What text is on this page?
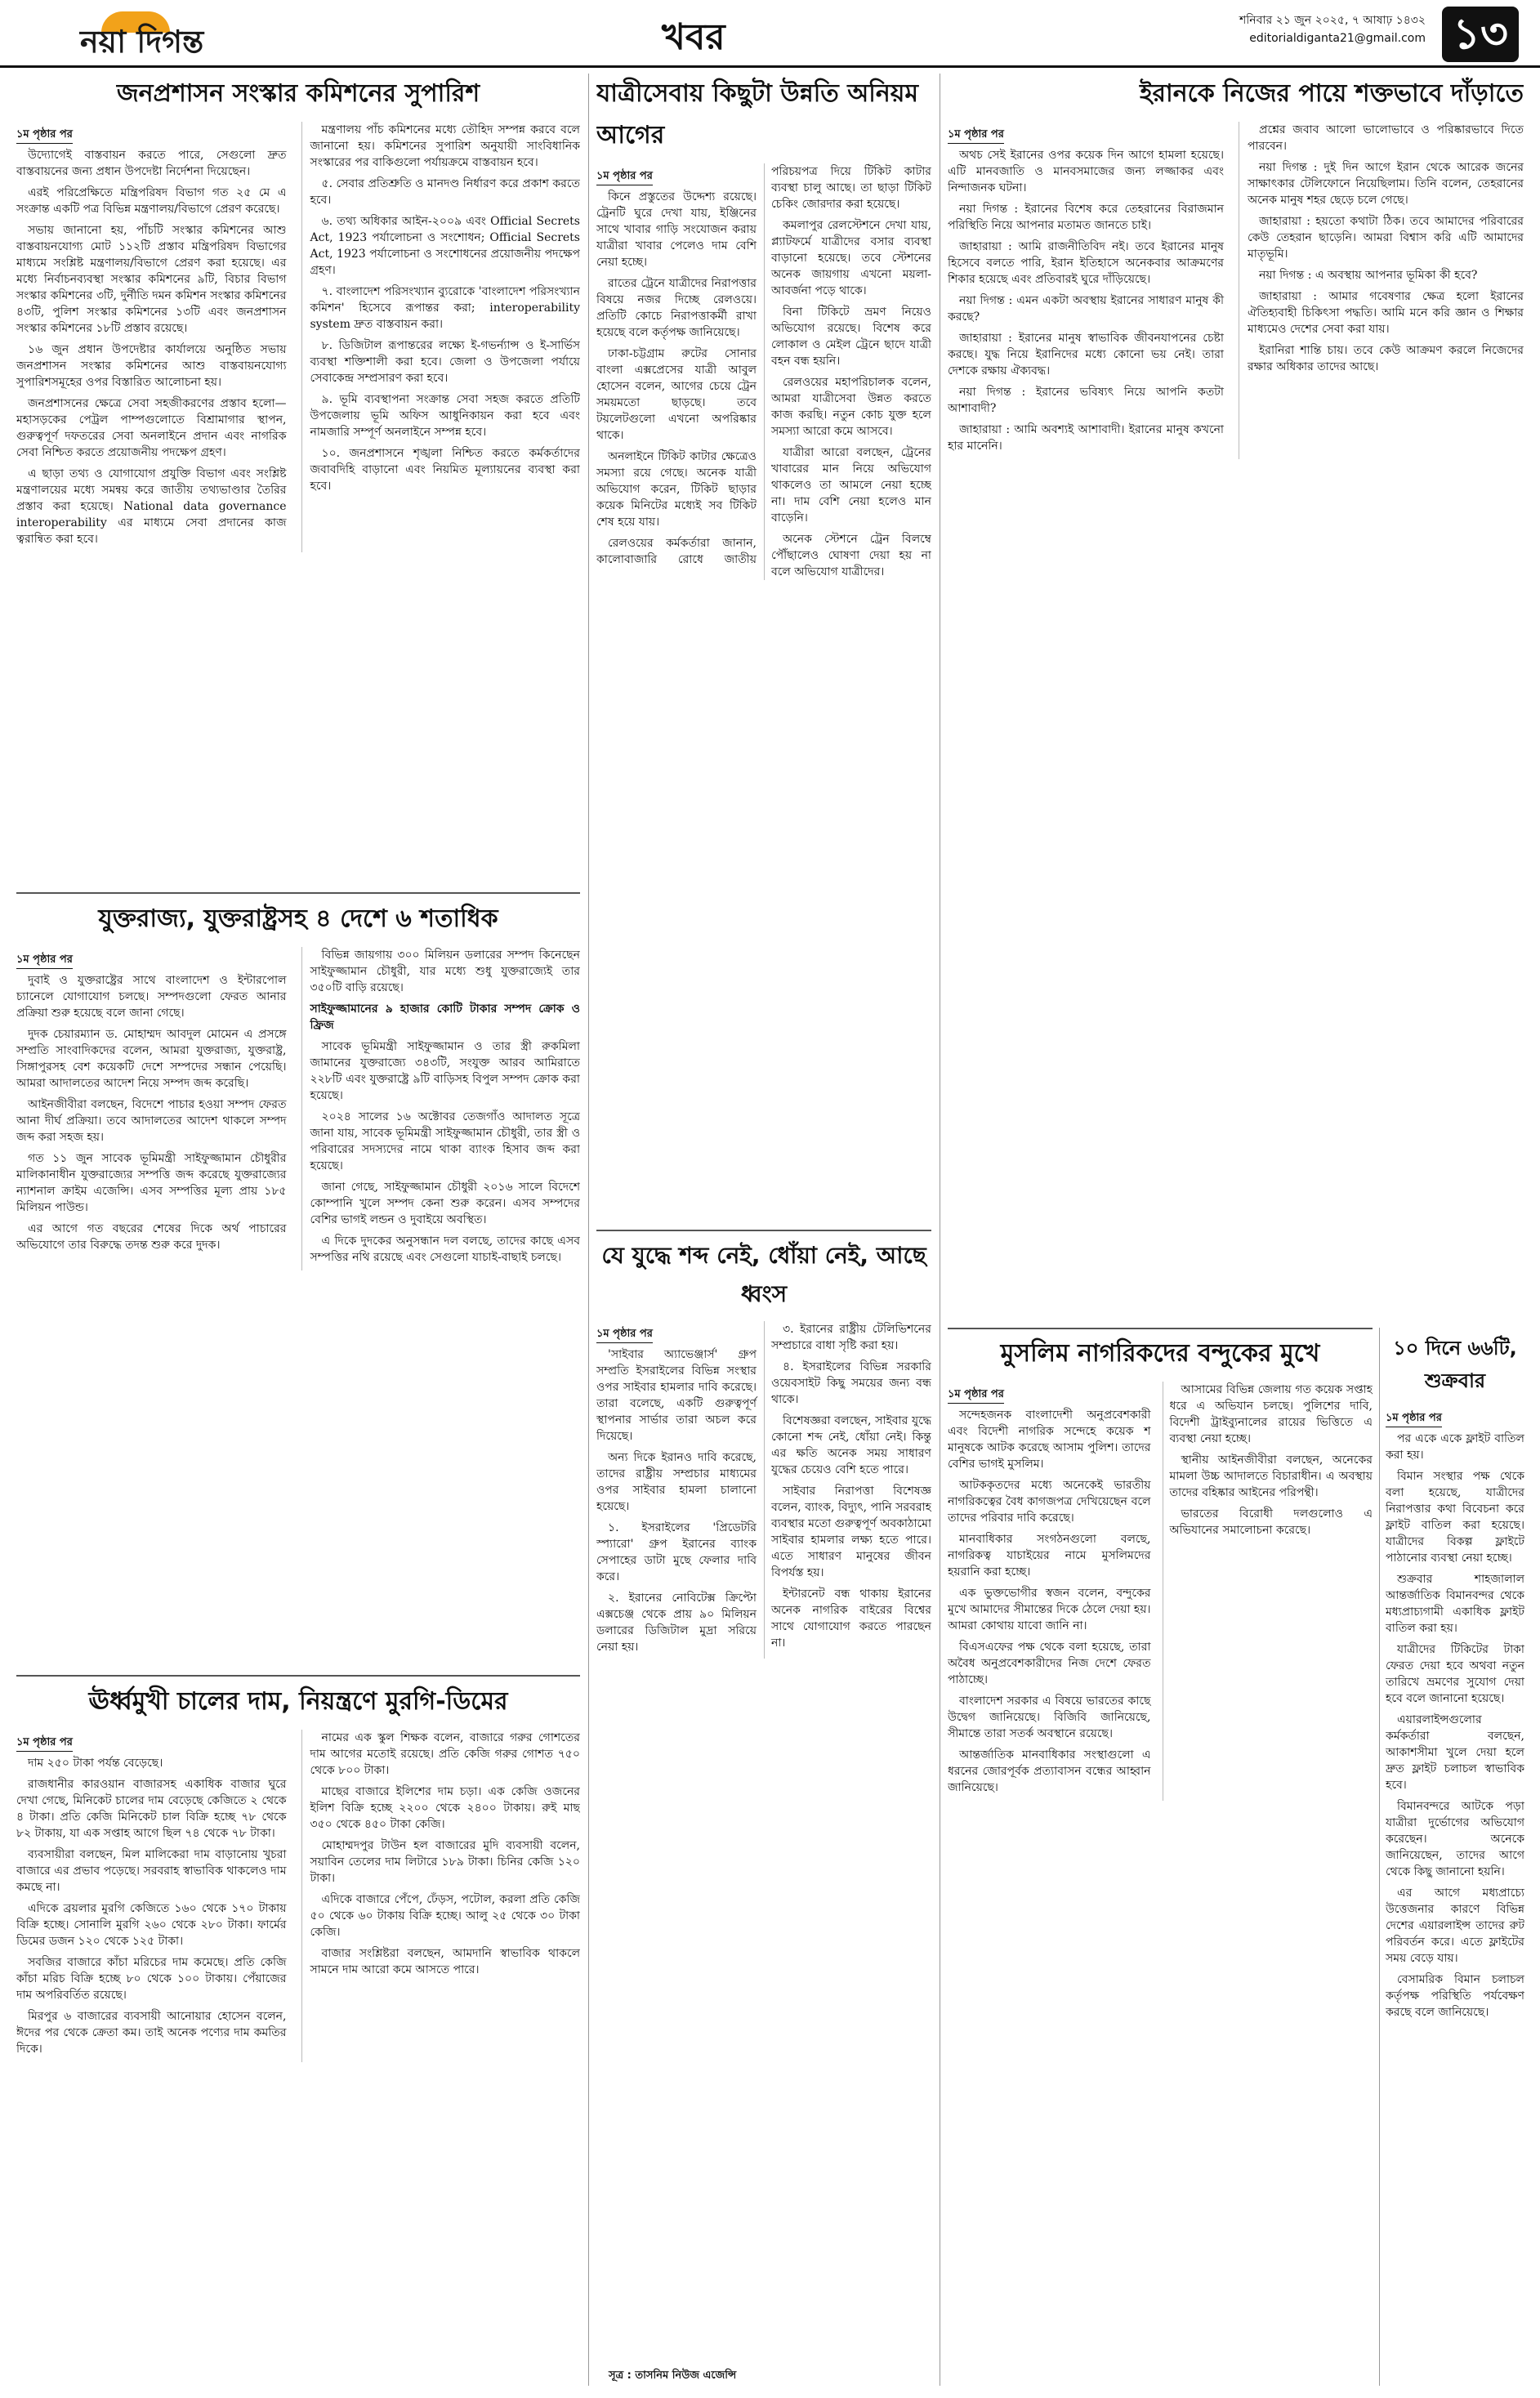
নয়া দিগন্ত	খবর	শনিবার ২১ জুন ২০২৫, ৭ আষাঢ় ১৪৩২
editorialdiganta21@gmail.com ১৩
জনপ্রশাসন সংস্কার কমিশনের সুপারিশ
১ম পৃষ্ঠার পর

উদ্যোগেই বাস্তবায়ন করতে পারে, সেগুলো দ্রুত বাস্তবায়নের জন্য প্রধান উপদেষ্টা নির্দেশনা দিয়েছেন।

এরই পরিপ্রেক্ষিতে মন্ত্রিপরিষদ বিভাগ গত ২৫ মে এ সংক্রান্ত একটি পত্র বিভিন্ন মন্ত্রণালয়/বিভাগে প্রেরণ করেছে।

সভায় জানানো হয়, পাঁচটি সংস্কার কমিশনের আশু বাস্তবায়নযোগ্য মোট ১১২টি প্রস্তাব মন্ত্রিপরিষদ বিভাগের মাধ্যমে সংশ্লিষ্ট মন্ত্রণালয়/বিভাগে প্রেরণ করা হয়েছে। এর মধ্যে নির্বাচনব্যবস্থা সংস্কার কমিশনের ৯টি, বিচার বিভাগ সংস্কার কমিশনের ৩টি, দুর্নীতি দমন কমিশন সংস্কার কমিশনের ৪৩টি, পুলিশ সংস্কার কমিশনের ১৩টি এবং জনপ্রশাসন সংস্কার কমিশনের ১৮টি প্রস্তাব রয়েছে।

১৬ জুন প্রধান উপদেষ্টার কার্যালয়ে অনুষ্ঠিত সভায় জনপ্রশাসন সংস্কার কমিশনের আশু বাস্তবায়নযোগ্য সুপারিশসমূহের ওপর বিস্তারিত আলোচনা হয়।

জনপ্রশাসনের ক্ষেত্রে সেবা সহজীকরণের প্রস্তাব হলো— মহাসড়কের পেট্রল পাম্পগুলোতে বিশ্রামাগার স্থাপন, গুরুত্বপূর্ণ দফতরের সেবা অনলাইনে প্রদান এবং নাগরিক সেবা নিশ্চিত করতে প্রয়োজনীয় পদক্ষেপ গ্রহণ।

এ ছাড়া তথ্য ও যোগাযোগ প্রযুক্তি বিভাগ এবং সংশ্লিষ্ট মন্ত্রণালয়ের মধ্যে সমন্বয় করে জাতীয় তথ্যভাণ্ডার তৈরির প্রস্তাব করা হয়েছে। National data governance interoperability এর মাধ্যমে সেবা প্রদানের কাজ ত্বরান্বিত করা হবে।

মন্ত্রণালয় পাঁচ কমিশনের মধ্যে তৌহিদ সম্পন্ন করবে বলে জানানো হয়। কমিশনের সুপারিশ অনুযায়ী সাংবিধানিক সংস্কারের পর বাকিগুলো পর্যায়ক্রমে বাস্তবায়ন হবে।

৫. সেবার প্রতিশ্রুতি ও মানদণ্ড নির্ধারণ করে প্রকাশ করতে হবে।

৬. তথ্য অধিকার আইন-২০০৯ এবং Official Secrets Act, 1923 পর্যালোচনা ও সংশোধন; Official Secrets Act, 1923 পর্যালোচনা ও সংশোধনের প্রয়োজনীয় পদক্ষেপ গ্রহণ।

৭. বাংলাদেশ পরিসংখ্যান ব্যুরোকে 'বাংলাদেশ পরিসংখ্যান কমিশন' হিসেবে রূপান্তর করা; interoperability system দ্রুত বাস্তবায়ন করা।

৮. ডিজিটাল রূপান্তরের লক্ষ্যে ই-গভর্ন্যান্স ও ই-সার্ভিস ব্যবস্থা শক্তিশালী করা হবে। জেলা ও উপজেলা পর্যায়ে সেবাকেন্দ্র সম্প্রসারণ করা হবে।

৯. ভূমি ব্যবস্থাপনা সংক্রান্ত সেবা সহজ করতে প্রতিটি উপজেলায় ভূমি অফিস আধুনিকায়ন করা হবে এবং নামজারি সম্পূর্ণ অনলাইনে সম্পন্ন হবে।

১০. জনপ্রশাসনে শৃঙ্খলা নিশ্চিত করতে কর্মকর্তাদের জবাবদিহি বাড়ানো এবং নিয়মিত মূল্যায়নের ব্যবস্থা করা হবে।

যুক্তরাজ্য, যুক্তরাষ্ট্রসহ ৪ দেশে ৬ শতাধিক
১ম পৃষ্ঠার পর

দুবাই ও যুক্তরাষ্ট্রের সাথে বাংলাদেশ ও ইন্টারপোল চ্যানেলে যোগাযোগ চলছে। সম্পদগুলো ফেরত আনার প্রক্রিয়া শুরু হয়েছে বলে জানা গেছে।

দুদক চেয়ারম্যান ড. মোহাম্মদ আবদুল মোমেন এ প্রসঙ্গে সম্প্রতি সাংবাদিকদের বলেন, আমরা যুক্তরাজ্য, যুক্তরাষ্ট্র, সিঙ্গাপুরসহ বেশ কয়েকটি দেশে সম্পদের সন্ধান পেয়েছি। আমরা আদালতের আদেশ নিয়ে সম্পদ জব্দ করেছি।

আইনজীবীরা বলছেন, বিদেশে পাচার হওয়া সম্পদ ফেরত আনা দীর্ঘ প্রক্রিয়া। তবে আদালতের আদেশ থাকলে সম্পদ জব্দ করা সহজ হয়।

গত ১১ জুন সাবেক ভূমিমন্ত্রী সাইফুজ্জামান চৌধুরীর মালিকানাধীন যুক্তরাজ্যের সম্পত্তি জব্দ করেছে যুক্তরাজ্যের ন্যাশনাল ক্রাইম এজেন্সি। এসব সম্পত্তির মূল্য প্রায় ১৮৫ মিলিয়ন পাউন্ড।

এর আগে গত বছরের শেষের দিকে অর্থ পাচারের অভিযোগে তার বিরুদ্ধে তদন্ত শুরু করে দুদক।

বিভিন্ন জায়গায় ৩০০ মিলিয়ন ডলারের সম্পদ কিনেছেন সাইফুজ্জামান চৌধুরী, যার মধ্যে শুধু যুক্তরাজ্যেই তার ৩৫০টি বাড়ি রয়েছে।

সাইফুজ্জামানের ৯ হাজার কোটি টাকার সম্পদ ক্রোক ও ফ্রিজ

সাবেক ভূমিমন্ত্রী সাইফুজ্জামান ও তার স্ত্রী রুকমিলা জামানের যুক্তরাজ্যে ৩৪৩টি, সংযুক্ত আরব আমিরাতে ২২৮টি এবং যুক্তরাষ্ট্রে ৯টি বাড়িসহ বিপুল সম্পদ ক্রোক করা হয়েছে।

২০২৪ সালের ১৬ অক্টোবর তেজগাঁও আদালত সূত্রে জানা যায়, সাবেক ভূমিমন্ত্রী সাইফুজ্জামান চৌধুরী, তার স্ত্রী ও পরিবারের সদস্যদের নামে থাকা ব্যাংক হিসাব জব্দ করা হয়েছে।

জানা গেছে, সাইফুজ্জামান চৌধুরী ২০১৬ সালে বিদেশে কোম্পানি খুলে সম্পদ কেনা শুরু করেন। এসব সম্পদের বেশির ভাগই লন্ডন ও দুবাইয়ে অবস্থিত।

এ দিকে দুদকের অনুসন্ধান দল বলছে, তাদের কাছে এসব সম্পত্তির নথি রয়েছে এবং সেগুলো যাচাই-বাছাই চলছে।

ঊর্ধ্বমুখী চালের দাম, নিয়ন্ত্রণে মুরগি-ডিমের
১ম পৃষ্ঠার পর

দাম ২৫০ টাকা পর্যন্ত বেড়েছে।

রাজধানীর কারওয়ান বাজারসহ একাধিক বাজার ঘুরে দেখা গেছে, মিনিকেট চালের দাম বেড়েছে কেজিতে ২ থেকে ৪ টাকা। প্রতি কেজি মিনিকেট চাল বিক্রি হচ্ছে ৭৮ থেকে ৮২ টাকায়, যা এক সপ্তাহ আগে ছিল ৭৪ থেকে ৭৮ টাকা।

ব্যবসায়ীরা বলছেন, মিল মালিকেরা দাম বাড়ানোয় খুচরা বাজারে এর প্রভাব পড়েছে। সরবরাহ স্বাভাবিক থাকলেও দাম কমছে না।

এদিকে ব্রয়লার মুরগি কেজিতে ১৬০ থেকে ১৭০ টাকায় বিক্রি হচ্ছে। সোনালি মুরগি ২৬০ থেকে ২৮০ টাকা। ফার্মের ডিমের ডজন ১২০ থেকে ১২৫ টাকা।

সবজির বাজারে কাঁচা মরিচের দাম কমেছে। প্রতি কেজি কাঁচা মরিচ বিক্রি হচ্ছে ৮০ থেকে ১০০ টাকায়। পেঁয়াজের দাম অপরিবর্তিত রয়েছে।

মিরপুর ৬ বাজারের ব্যবসায়ী আনোয়ার হোসেন বলেন, ঈদের পর থেকে ক্রেতা কম। তাই অনেক পণ্যের দাম কমতির দিকে।

নামের এক স্কুল শিক্ষক বলেন, বাজারে গরুর গোশতের দাম আগের মতোই রয়েছে। প্রতি কেজি গরুর গোশত ৭৫০ থেকে ৮০০ টাকা।

মাছের বাজারে ইলিশের দাম চড়া। এক কেজি ওজনের ইলিশ বিক্রি হচ্ছে ২২০০ থেকে ২৪০০ টাকায়। রুই মাছ ৩৫০ থেকে ৪৫০ টাকা কেজি।

মোহাম্মদপুর টাউন হল বাজারের মুদি ব্যবসায়ী বলেন, সয়াবিন তেলের দাম লিটারে ১৮৯ টাকা। চিনির কেজি ১২০ টাকা।

এদিকে বাজারে পেঁপে, ঢেঁড়স, পটোল, করলা প্রতি কেজি ৫০ থেকে ৬০ টাকায় বিক্রি হচ্ছে। আলু ২৫ থেকে ৩০ টাকা কেজি।

বাজার সংশ্লিষ্টরা বলছেন, আমদানি স্বাভাবিক থাকলে সামনে দাম আরো কমে আসতে পারে।

যাত্রীসেবায় কিছুটা উন্নতি অনিয়ম আগের
১ম পৃষ্ঠার পর

কিনে প্রস্তুতের উদ্দেশ্য রয়েছে। ট্রেনটি ঘুরে দেখা যায়, ইঞ্জিনের সাথে খাবার গাড়ি সংযোজন করায় যাত্রীরা খাবার পেলেও দাম বেশি নেয়া হচ্ছে।

রাতের ট্রেনে যাত্রীদের নিরাপত্তার বিষয়ে নজর দিচ্ছে রেলওয়ে। প্রতিটি কোচে নিরাপত্তাকর্মী রাখা হয়েছে বলে কর্তৃপক্ষ জানিয়েছে।

ঢাকা-চট্টগ্রাম রুটের সোনার বাংলা এক্সপ্রেসের যাত্রী আবুল হোসেন বলেন, আগের চেয়ে ট্রেন সময়মতো ছাড়ছে। তবে টয়লেটগুলো এখনো অপরিষ্কার থাকে।

অনলাইনে টিকিট কাটার ক্ষেত্রেও সমস্যা রয়ে গেছে। অনেক যাত্রী অভিযোগ করেন, টিকিট ছাড়ার কয়েক মিনিটের মধ্যেই সব টিকিট শেষ হয়ে যায়।

রেলওয়ের কর্মকর্তারা জানান, কালোবাজারি রোধে জাতীয় পরিচয়পত্র দিয়ে টিকিট কাটার ব্যবস্থা চালু আছে। তা ছাড়া টিকিট চেকিং জোরদার করা হয়েছে।

কমলাপুর রেলস্টেশনে দেখা যায়, প্ল্যাটফর্মে যাত্রীদের বসার ব্যবস্থা বাড়ানো হয়েছে। তবে স্টেশনের অনেক জায়গায় এখনো ময়লা-আবর্জনা পড়ে থাকে।

বিনা টিকিটে ভ্রমণ নিয়েও অভিযোগ রয়েছে। বিশেষ করে লোকাল ও মেইল ট্রেনে ছাদে যাত্রী বহন বন্ধ হয়নি।

রেলওয়ের মহাপরিচালক বলেন, আমরা যাত্রীসেবা উন্নত করতে কাজ করছি। নতুন কোচ যুক্ত হলে সমস্যা আরো কমে আসবে।

যাত্রীরা আরো বলছেন, ট্রেনের খাবারের মান নিয়ে অভিযোগ থাকলেও তা আমলে নেয়া হচ্ছে না। দাম বেশি নেয়া হলেও মান বাড়েনি।

অনেক স্টেশনে ট্রেন বিলম্বে পৌঁছালেও ঘোষণা দেয়া হয় না বলে অভিযোগ যাত্রীদের।

যে যুদ্ধে শব্দ নেই, ধোঁয়া নেই, আছে ধ্বংস
১ম পৃষ্ঠার পর

'সাইবার অ্যাভেঞ্জার্স' গ্রুপ সম্প্রতি ইসরাইলের বিভিন্ন সংস্থার ওপর সাইবার হামলার দাবি করেছে। তারা বলেছে, একটি গুরুত্বপূর্ণ স্থাপনার সার্ভার তারা অচল করে দিয়েছে।

অন্য দিকে ইরানও দাবি করেছে, তাদের রাষ্ট্রীয় সম্প্রচার মাধ্যমের ওপর সাইবার হামলা চালানো হয়েছে।

১. ইসরাইলের 'প্রিডেটরি স্প্যারো' গ্রুপ ইরানের ব্যাংক সেপাহের ডাটা মুছে ফেলার দাবি করে।

২. ইরানের নোবিটেক্স ক্রিপ্টো এক্সচেঞ্জ থেকে প্রায় ৯০ মিলিয়ন ডলারের ডিজিটাল মুদ্রা সরিয়ে নেয়া হয়।

৩. ইরানের রাষ্ট্রীয় টেলিভিশনের সম্প্রচারে বাধা সৃষ্টি করা হয়।

৪. ইসরাইলের বিভিন্ন সরকারি ওয়েবসাইট কিছু সময়ের জন্য বন্ধ থাকে।

বিশেষজ্ঞরা বলছেন, সাইবার যুদ্ধে কোনো শব্দ নেই, ধোঁয়া নেই। কিন্তু এর ক্ষতি অনেক সময় সাধারণ যুদ্ধের চেয়েও বেশি হতে পারে।

সাইবার নিরাপত্তা বিশেষজ্ঞ বলেন, ব্যাংক, বিদ্যুৎ, পানি সরবরাহ ব্যবস্থার মতো গুরুত্বপূর্ণ অবকাঠামো সাইবার হামলার লক্ষ্য হতে পারে। এতে সাধারণ মানুষের জীবন বিপর্যস্ত হয়।

ইন্টারনেট বন্ধ থাকায় ইরানের অনেক নাগরিক বাইরের বিশ্বের সাথে যোগাযোগ করতে পারছেন না।

সূত্র : তাসনিম নিউজ এজেন্সি
ইরানকে নিজের পায়ে শক্তভাবে দাঁড়াতে
১ম পৃষ্ঠার পর

অথচ সেই ইরানের ওপর কয়েক দিন আগে হামলা হয়েছে। এটি মানবজাতি ও মানবসমাজের জন্য লজ্জাকর এবং নিন্দাজনক ঘটনা।

নয়া দিগন্ত : ইরানের বিশেষ করে তেহরানের বিরাজমান পরিস্থিতি নিয়ে আপনার মতামত জানতে চাই।

জাহারায়া : আমি রাজনীতিবিদ নই। তবে ইরানের মানুষ হিসেবে বলতে পারি, ইরান ইতিহাসে অনেকবার আক্রমণের শিকার হয়েছে এবং প্রতিবারই ঘুরে দাঁড়িয়েছে।

নয়া দিগন্ত : এমন একটা অবস্থায় ইরানের সাধারণ মানুষ কী করছে?

জাহারায়া : ইরানের মানুষ স্বাভাবিক জীবনযাপনের চেষ্টা করছে। যুদ্ধ নিয়ে ইরানিদের মধ্যে কোনো ভয় নেই। তারা দেশকে রক্ষায় ঐক্যবদ্ধ।

নয়া দিগন্ত : ইরানের ভবিষ্যৎ নিয়ে আপনি কতটা আশাবাদী?

জাহারায়া : আমি অবশ্যই আশাবাদী। ইরানের মানুষ কখনো হার মানেনি।

প্রশ্নের জবাব আলো ভালোভাবে ও পরিষ্কারভাবে দিতে পারবেন।

নয়া দিগন্ত : দুই দিন আগে ইরান থেকে আরেক জনের সাক্ষাৎকার টেলিফোনে নিয়েছিলাম। তিনি বলেন, তেহরানের অনেক মানুষ শহর ছেড়ে চলে গেছে।

জাহারায়া : হয়তো কথাটা ঠিক। তবে আমাদের পরিবারের কেউ তেহরান ছাড়েনি। আমরা বিশ্বাস করি এটি আমাদের মাতৃভূমি।

নয়া দিগন্ত : এ অবস্থায় আপনার ভূমিকা কী হবে?

জাহারায়া : আমার গবেষণার ক্ষেত্র হলো ইরানের ঐতিহ্যবাহী চিকিৎসা পদ্ধতি। আমি মনে করি জ্ঞান ও শিক্ষার মাধ্যমেও দেশের সেবা করা যায়।

ইরানিরা শান্তি চায়। তবে কেউ আক্রমণ করলে নিজেদের রক্ষার অধিকার তাদের আছে।

মুসলিম নাগরিকদের বন্দুকের মুখে
১ম পৃষ্ঠার পর

সন্দেহজনক বাংলাদেশী অনুপ্রবেশকারী এবং বিদেশী নাগরিক সন্দেহে কয়েক শ মানুষকে আটক করেছে আসাম পুলিশ। তাদের বেশির ভাগই মুসলিম।

আটককৃতদের মধ্যে অনেকেই ভারতীয় নাগরিকত্বের বৈধ কাগজপত্র দেখিয়েছেন বলে তাদের পরিবার দাবি করেছে।

মানবাধিকার সংগঠনগুলো বলছে, নাগরিকত্ব যাচাইয়ের নামে মুসলিমদের হয়রানি করা হচ্ছে।

এক ভুক্তভোগীর স্বজন বলেন, বন্দুকের মুখে আমাদের সীমান্তের দিকে ঠেলে দেয়া হয়। আমরা কোথায় যাবো জানি না।

বিএসএফের পক্ষ থেকে বলা হয়েছে, তারা অবৈধ অনুপ্রবেশকারীদের নিজ দেশে ফেরত পাঠাচ্ছে।

বাংলাদেশ সরকার এ বিষয়ে ভারতের কাছে উদ্বেগ জানিয়েছে। বিজিবি জানিয়েছে, সীমান্তে তারা সতর্ক অবস্থানে রয়েছে।

আন্তর্জাতিক মানবাধিকার সংস্থাগুলো এ ধরনের জোরপূর্বক প্রত্যাবাসন বন্ধের আহ্বান জানিয়েছে।

আসামের বিভিন্ন জেলায় গত কয়েক সপ্তাহ ধরে এ অভিযান চলছে। পুলিশের দাবি, বিদেশী ট্রাইব্যুনালের রায়ের ভিত্তিতে এ ব্যবস্থা নেয়া হচ্ছে।

স্থানীয় আইনজীবীরা বলছেন, অনেকের মামলা উচ্চ আদালতে বিচারাধীন। এ অবস্থায় তাদের বহিষ্কার আইনের পরিপন্থী।

ভারতের বিরোধী দলগুলোও এ অভিযানের সমালোচনা করেছে।

১০ দিনে ৬৬টি, শুক্রবার
১ম পৃষ্ঠার পর

পর একে একে ফ্লাইট বাতিল করা হয়।

বিমান সংস্থার পক্ষ থেকে বলা হয়েছে, যাত্রীদের নিরাপত্তার কথা বিবেচনা করে ফ্লাইট বাতিল করা হয়েছে। যাত্রীদের বিকল্প ফ্লাইটে পাঠানোর ব্যবস্থা নেয়া হচ্ছে।

শুক্রবার শাহজালাল আন্তর্জাতিক বিমানবন্দর থেকে মধ্যপ্রাচ্যগামী একাধিক ফ্লাইট বাতিল করা হয়।

যাত্রীদের টিকিটের টাকা ফেরত দেয়া হবে অথবা নতুন তারিখে ভ্রমণের সুযোগ দেয়া হবে বলে জানানো হয়েছে।

এয়ারলাইন্সগুলোর কর্মকর্তারা বলছেন, আকাশসীমা খুলে দেয়া হলে দ্রুত ফ্লাইট চলাচল স্বাভাবিক হবে।

বিমানবন্দরে আটকে পড়া যাত্রীরা দুর্ভোগের অভিযোগ করেছেন। অনেকে জানিয়েছেন, তাদের আগে থেকে কিছু জানানো হয়নি।

এর আগে মধ্যপ্রাচ্যে উত্তেজনার কারণে বিভিন্ন দেশের এয়ারলাইন্স তাদের রুট পরিবর্তন করে। এতে ফ্লাইটের সময় বেড়ে যায়।

বেসামরিক বিমান চলাচল কর্তৃপক্ষ পরিস্থিতি পর্যবেক্ষণ করছে বলে জানিয়েছে।
